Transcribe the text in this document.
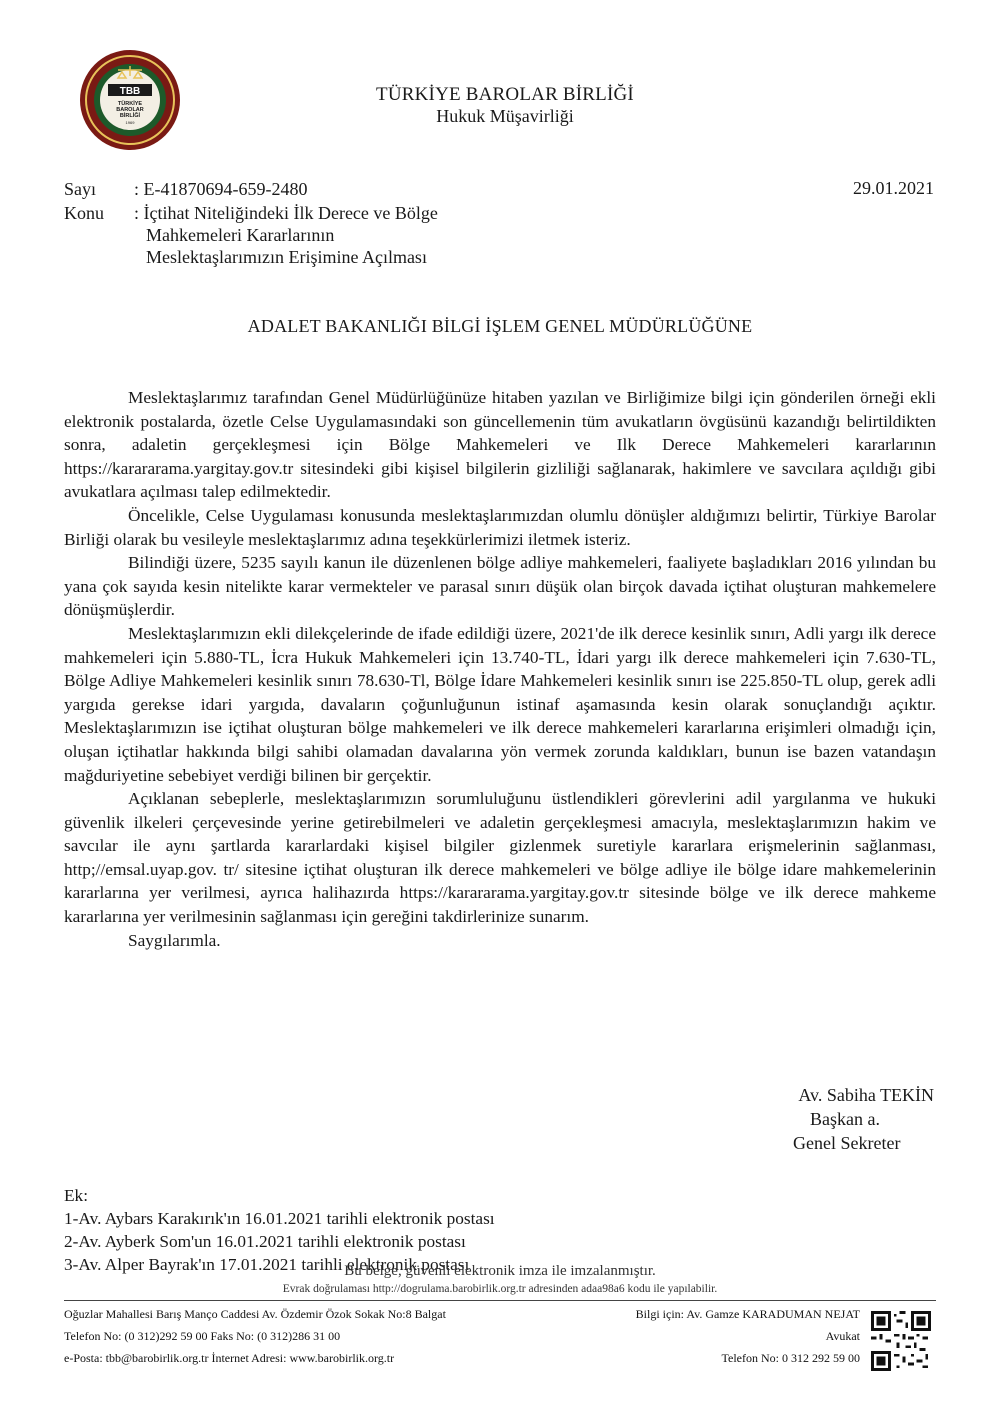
TBB
TÜRKİYE
BAROLAR
BİRLİĞİ
1969
TÜRKİYE BAROLAR BİRLİĞİ
Hukuk Müşavirliği
Sayı : E-41870694-659-2480
Konu : İçtihat Niteliğindeki İlk Derece ve Bölge
Mahkemeleri Kararlarının
Meslektaşlarımızın Erişimine Açılması
29.01.2021
ADALET BAKANLIĞI BİLGİ İŞLEM GENEL MÜDÜRLÜĞÜNE

Meslektaşlarımız tarafından Genel Müdürlüğünüze hitaben yazılan ve Birliğimize bilgi için gönderilen örneği ekli elektronik postalarda, özetle Celse Uygulamasındaki son güncellemenin tüm avukatların övgüsünü kazandığı belirtildikten sonra, adaletin gerçekleşmesi için Bölge Mahkemeleri ve Ilk Derece Mahkemeleri kararlarının https://karararama.yargitay.gov.tr sitesindeki gibi kişisel bilgilerin gizliliği sağlanarak, hakimlere ve savcılara açıldığı gibi avukatlara açılması talep edilmektedir.

Öncelikle, Celse Uygulaması konusunda meslektaşlarımızdan olumlu dönüşler aldığımızı belirtir, Türkiye Barolar Birliği olarak bu vesileyle meslektaşlarımız adına teşekkürlerimizi iletmek isteriz.

Bilindiği üzere, 5235 sayılı kanun ile düzenlenen bölge adliye mahkemeleri, faaliyete başladıkları 2016 yılından bu yana çok sayıda kesin nitelikte karar vermekteler ve parasal sınırı düşük olan birçok davada içtihat oluşturan mahkemelere dönüşmüşlerdir.

Meslektaşlarımızın ekli dilekçelerinde de ifade edildiği üzere, 2021'de ilk derece kesinlik sınırı, Adli yargı ilk derece mahkemeleri için 5.880-TL, İcra Hukuk Mahkemeleri için 13.740-TL, İdari yargı ilk derece mahkemeleri için 7.630-TL, Bölge Adliye Mahkemeleri kesinlik sınırı 78.630-Tl, Bölge İdare Mahkemeleri kesinlik sınırı ise 225.850-TL olup, gerek adli yargıda gerekse idari yargıda, davaların çoğunluğunun istinaf aşamasında kesin olarak sonuçlandığı açıktır. Meslektaşlarımızın ise içtihat oluşturan bölge mahkemeleri ve ilk derece mahkemeleri kararlarına erişimleri olmadığı için, oluşan içtihatlar hakkında bilgi sahibi olamadan davalarına yön vermek zorunda kaldıkları, bunun ise bazen vatandaşın mağduriyetine sebebiyet verdiği bilinen bir gerçektir.

Açıklanan sebeplerle, meslektaşlarımızın sorumluluğunu üstlendikleri görevlerini adil yargılanma ve hukuki güvenlik ilkeleri çerçevesinde yerine getirebilmeleri ve adaletin gerçekleşmesi amacıyla, meslektaşlarımızın hakim ve savcılar ile aynı şartlarda kararlardaki kişisel bilgiler gizlenmek suretiyle kararlara erişmelerinin sağlanması, http;//emsal.uyap.gov. tr/ sitesine içtihat oluşturan ilk derece mahkemeleri ve bölge adliye ile bölge idare mahkemelerinin kararlarına yer verilmesi, ayrıca halihazırda https://karararama.yargitay.gov.tr sitesinde bölge ve ilk derece mahkeme kararlarına yer verilmesinin sağlanması için gereğini takdirlerinize sunarım.

Saygılarımla.

Av. Sabiha TEKİN
Başkan a.
Genel Sekreter
Ek:
1-Av. Aybars Karakırık'ın 16.01.2021 tarihli elektronik postası
2-Av. Ayberk Som'un 16.01.2021 tarihli elektronik postası
3-Av. Alper Bayrak'ın 17.01.2021 tarihli elektronik postası
Bu belge, güvenli elektronik imza ile imzalanmıştır.
Evrak doğrulaması http://dogrulama.barobirlik.org.tr adresinden adaa98a6 kodu ile yapılabilir.
Oğuzlar Mahallesi Barış Manço Caddesi Av. Özdemir Özok Sokak No:8 Balgat
Telefon No: (0 312)292 59 00 Faks No: (0 312)286 31 00
e-Posta: tbb@barobirlik.org.tr İnternet Adresi: www.barobirlik.org.tr
Bilgi için: Av. Gamze KARADUMAN NEJAT
Avukat
Telefon No: 0 312 292 59 00
